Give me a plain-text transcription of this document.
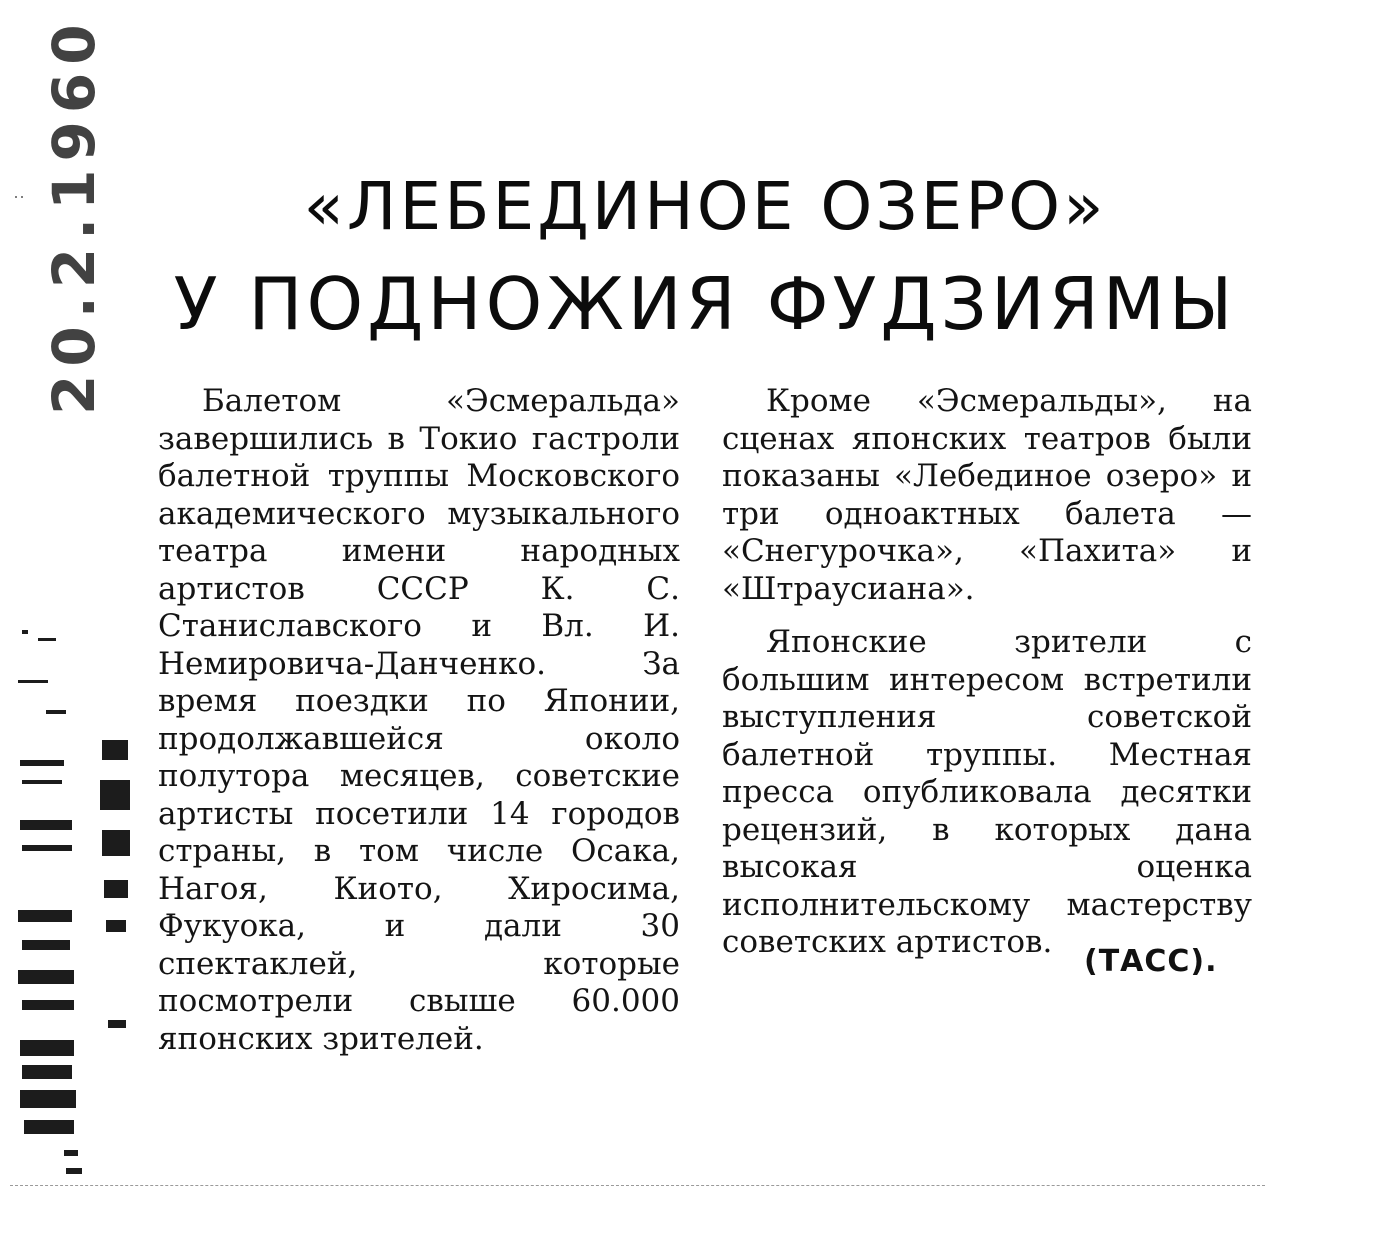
20.2.1960	«ЛЕБЕДИНОЕ ОЗЕРО»
У ПОДНОЖИЯ ФУДЗИЯМЫ

Балетом «Эсмеральда» завершились в Токио гастроли балетной труппы Московского академического музыкального театра имени народных артистов СССР К. С. Станиславского и Вл. И. Немировича-Данченко. За время поездки по Японии, продолжавшейся около полутора месяцев, советские артисты посетили 14 городов страны, в том числе Осака, Нагоя, Киото, Хиросима, Фукуока, и дали 30 спектаклей, которые посмотрели свыше 60.000 японских зрителей.

Кроме «Эсмеральды», на сценах японских театров были показаны «Лебединое озеро» и три одноактных балета — «Снегурочка», «Пахита» и «Штраусиана».

Японские зрители с большим интересом встретили выступления советской балетной труппы. Местная пресса опубликовала десятки рецензий, в которых дана высокая оценка исполнительскому мастерству советских артистов.

(ТАСС).
